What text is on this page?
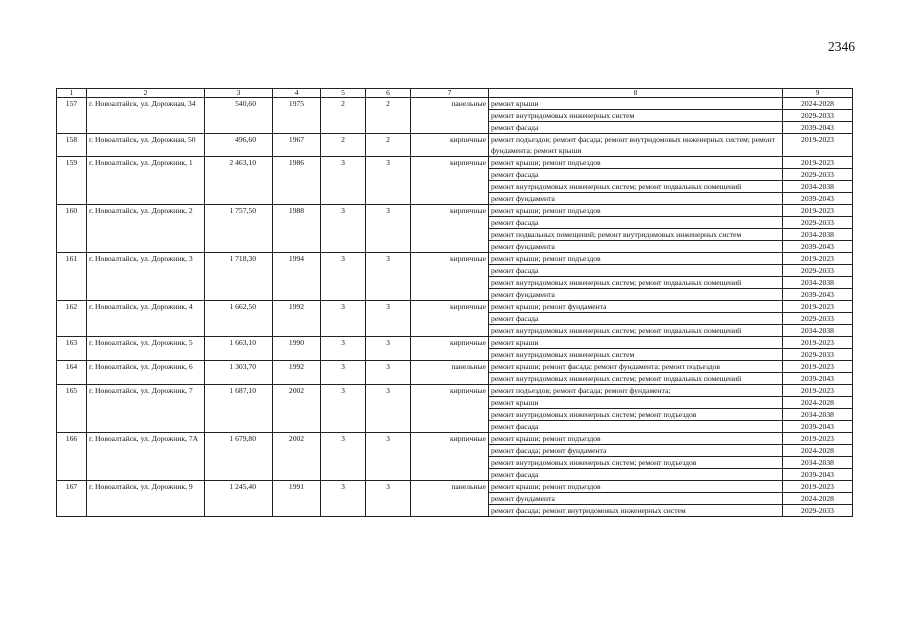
2346
1	2	3	4	5	6	7	8	9
157	г. Новоалтайск, ул. Дорожная, 34	540,60	1975	2	2	панельные	ремонт крыши	2024-2028
							ремонт внутридомовых инженерных систем	2029-2033
							ремонт фасада	2039-2043
158	г. Новоалтайск, ул. Дорожная, 50	496,60	1967	2	2	кирпичные	ремонт подъездов; ремонт фасада; ремонт внутридомовых инженерных систем; ремонт фундамента; ремонт крыши	2019-2023
159	г. Новоалтайск, ул. Дорожник, 1	2 463,10	1986	3	3	кирпичные	ремонт крыши; ремонт подъездов	2019-2023
							ремонт фасада	2029-2033
							ремонт внутридомовых инженерных систем; ремонт подвальных помещений	2034-2038
							ремонт фундамента	2039-2043
160	г. Новоалтайск, ул. Дорожник, 2	1 757,50	1988	3	3	кирпичные	ремонт крыши; ремонт подъездов	2019-2023
							ремонт фасада	2029-2033
							ремонт подвальных помещений; ремонт внутридомовых инженерных систем	2034-2038
							ремонт фундамента	2039-2043
161	г. Новоалтайск, ул. Дорожник, 3	1 718,30	1994	3	3	кирпичные	ремонт крыши; ремонт подъездов	2019-2023
							ремонт фасада	2029-2033
							ремонт внутридомовых инженерных систем; ремонт подвальных помещений	2034-2038
							ремонт фундамента	2039-2043
162	г. Новоалтайск, ул. Дорожник, 4	1 662,50	1992	3	3	кирпичные	ремонт крыши; ремонт фундамента	2019-2023
							ремонт фасада	2029-2033
							ремонт внутридомовых инженерных систем; ремонт подвальных помещений	2034-2038
163	г. Новоалтайск, ул. Дорожник, 5	1 663,10	1990	3	3	кирпичные	ремонт крыши	2019-2023
							ремонт внутридомовых инженерных систем	2029-2033
164	г. Новоалтайск, ул. Дорожник, 6	1 303,70	1992	3	3	панельные	ремонт крыши; ремонт фасада; ремонт фундамента; ремонт подъездов	2019-2023
							ремонт внутридомовых инженерных систем; ремонт подвальных помещений	2039-2043
165	г. Новоалтайск, ул. Дорожник, 7	1 687,10	2002	3	3	кирпичные	ремонт подъездов; ремонт фасада; ремонт фундамента;	2019-2023
							ремонт крыши	2024-2028
							ремонт внутридомовых инженерных систем; ремонт подъездов	2034-2038
							ремонт фасада	2039-2043
166	г. Новоалтайск, ул. Дорожник, 7А	1 679,80	2002	3	3	кирпичные	ремонт крыши; ремонт подъездов	2019-2023
							ремонт фасада; ремонт фундамента	2024-2028
							ремонт внутридомовых инженерных систем; ремонт подъездов	2034-2038
							ремонт фасада	2039-2043
167	г. Новоалтайск, ул. Дорожник, 9	1 245,40	1991	3	3	панельные	ремонт крыши; ремонт подъездов	2019-2023
							ремонт фундамента	2024-2028
							ремонт фасада; ремонт внутридомовых инженерных систем	2029-2033
